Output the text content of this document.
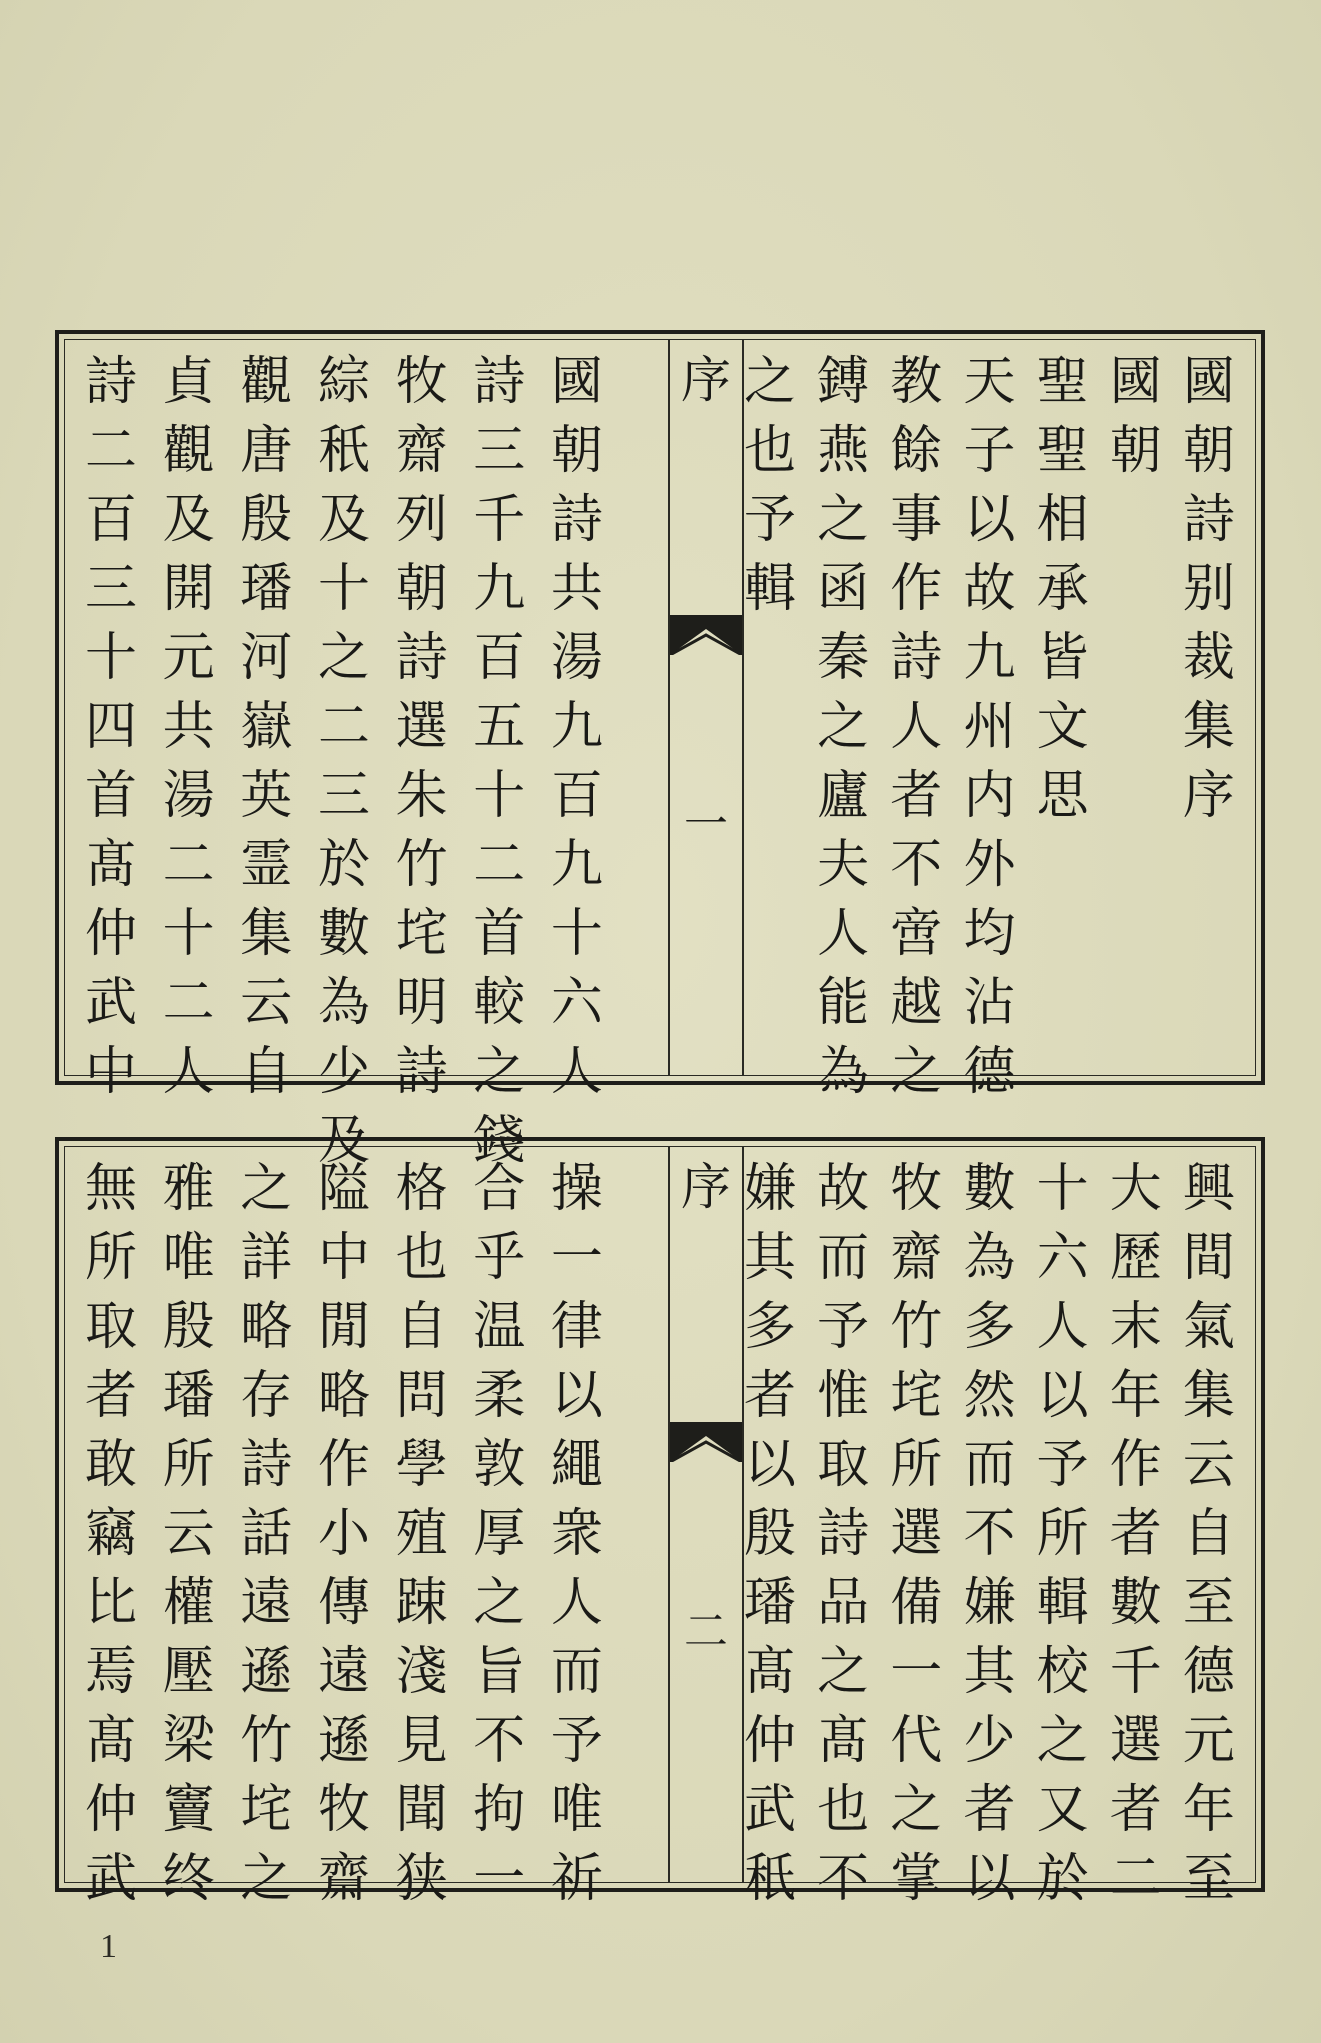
國
朝
詩
别
裁
集
序
國
朝
聖
聖
相
承
皆
文
思
天
子
以
故
九
州
内
外
均
沾
德
教
餘
事
作
詩
人
者
不
啻
越
之
鎛
燕
之
函
秦
之
廬
夫
人
能
為
之
也
予
輯
序
一
國
朝
詩
共
湯
九
百
九
十
六
人
詩
三
千
九
百
五
十
二
首
較
之
錢
牧
齋
列
朝
詩
選
朱
竹
垞
明
詩
綜
秖
及
十
之
二
三
於
數
為
少
及
觀
唐
殷
璠
河
嶽
英
霊
集
云
自
貞
觀
及
開
元
共
湯
二
十
二
人
詩
二
百
三
十
四
首
髙
仲
武
中
興
間
氣
集
云
自
至
德
元
年
至
大
歷
末
年
作
者
數
千
選
者
二
十
六
人
以
予
所
輯
校
之
又
於
數
為
多
然
而
不
嫌
其
少
者
以
牧
齋
竹
垞
所
選
備
一
代
之
掌
故
而
予
惟
取
詩
品
之
髙
也
不
嫌
其
多
者
以
殷
璠
髙
仲
武
秖
序
二
操
一
律
以
繩
衆
人
而
予
唯
祈
合
乎
温
柔
敦
厚
之
旨
不
拘
一
格
也
自
問
學
殖
踈
淺
見
聞
狭
隘
中
閒
略
作
小
傳
遠
遜
牧
齋
之
詳
略
存
詩
話
遠
遜
竹
垞
之
雅
唯
殷
璠
所
云
權
壓
梁
竇
终
無
所
取
者
敢
竊
比
焉
髙
仲
武
1
